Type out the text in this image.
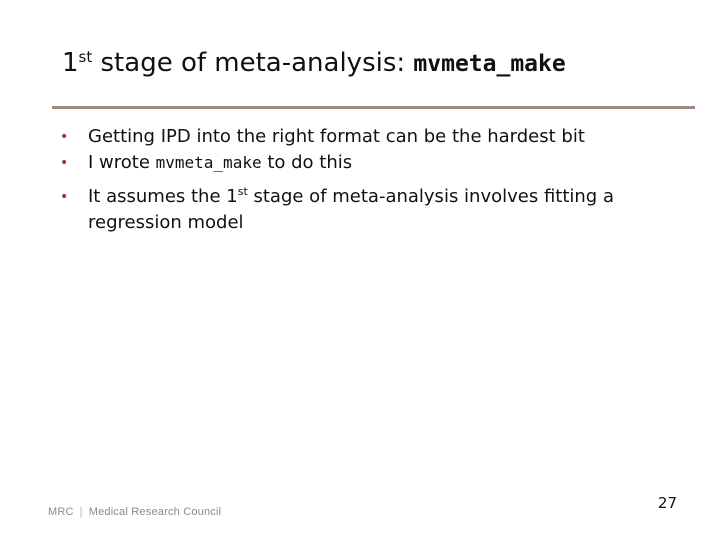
1st stage of meta-analysis: mvmeta_make
• Getting IPD into the right format can be the hardest bit
• I wrote mvmeta_make to do this
• It assumes the 1st stage of meta-analysis involves fitting a regression model
MRC | Medical Research Council	27
